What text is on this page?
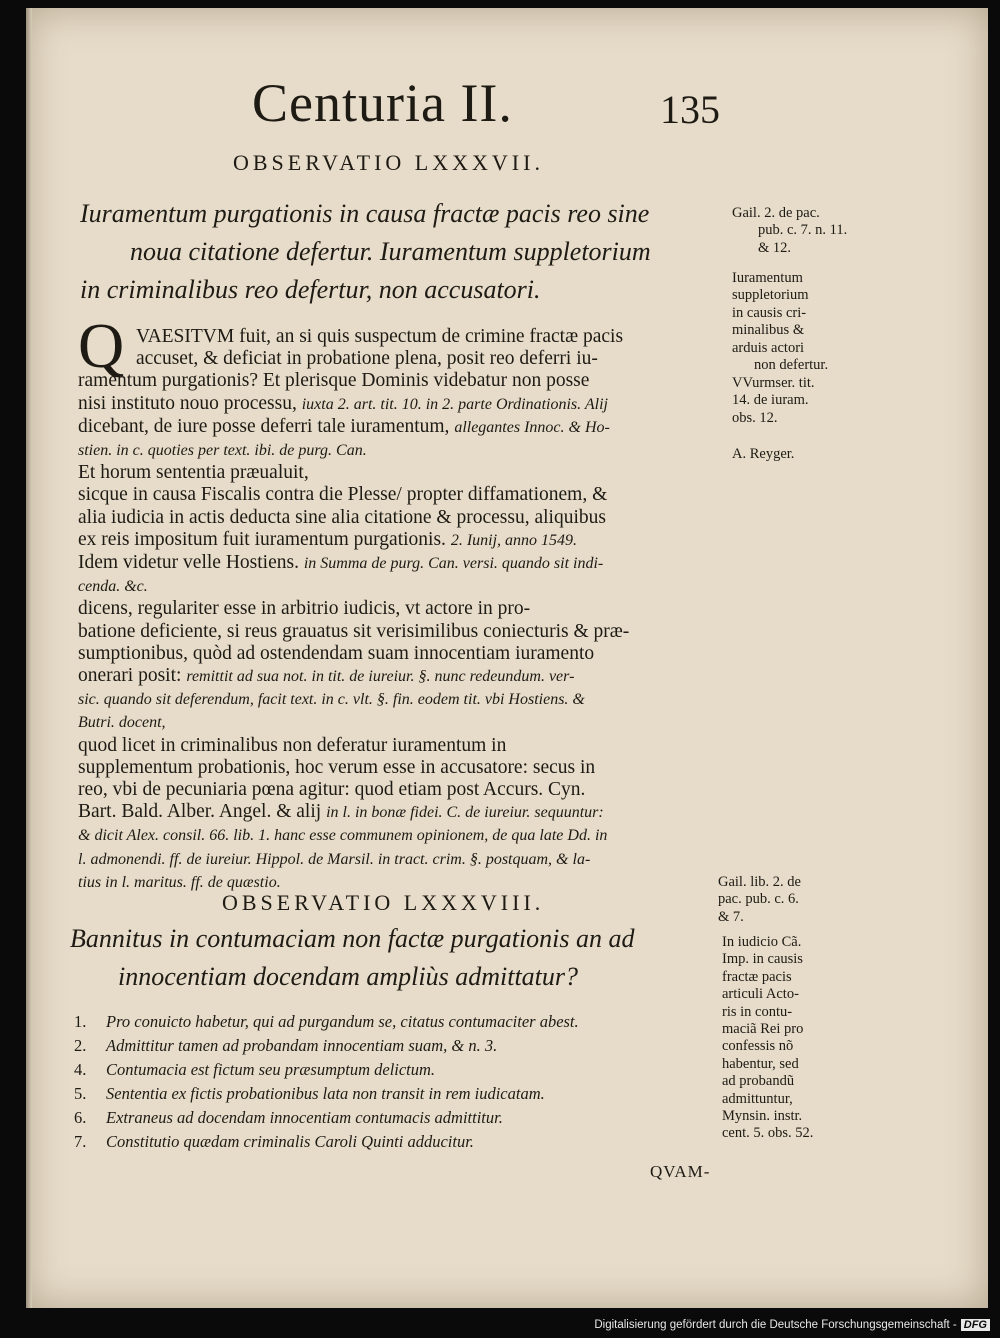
Centuria II.	135
OBSERVATIO LXXXVII.
Iuramentum purgationis in causa fractæ pacis reo sine
noua citatione defertur. Iuramentum suppletorium
in criminalibus reo defertur, non accusatori.
Q VAESITVM fuit, an si quis suspectum de crimine fractæ pacis
accuset, & deficiat in probatione plena, posit reo deferri iu-
ramentum purgationis? Et plerisque Dominis videbatur non posse
nisi instituto nouo processu, iuxta 2. art. tit. 10. in 2. parte Ordinationis. Alij
dicebant, de iure posse deferri tale iuramentum, allegantes Innoc. & Ho-
stien. in c. quoties per text. ibi. de purg. Can.
Et horum sententia præualuit,
sicque in causa Fiscalis contra die Plesse/ propter diffamationem, &
alia iudicia in actis deducta sine alia citatione & processu, aliquibus
ex reis impositum fuit iuramentum purgationis. 2. Iunij, anno 1549.
Idem videtur velle Hostiens. in Summa de purg. Can. versi. quando sit indi-
cenda. &c.
dicens, regulariter esse in arbitrio iudicis, vt actore in pro-
batione deficiente, si reus grauatus sit verisimilibus coniecturis & præ-
sumptionibus, quòd ad ostendendam suam innocentiam iuramento
onerari posit: remittit ad sua not. in tit. de iureiur. §. nunc redeundum. ver-
sic. quando sit deferendum, facit text. in c. vlt. §. fin. eodem tit. vbi Hostiens. &
Butri. docent,
quod licet in criminalibus non deferatur iuramentum in
supplementum probationis, hoc verum esse in accusatore: secus in
reo, vbi de pecuniaria pœna agitur: quod etiam post Accurs. Cyn.
Bart. Bald. Alber. Angel. & alij in l. in bonæ fidei. C. de iureiur. sequuntur:
& dicit Alex. consil. 66. lib. 1. hanc esse communem opinionem, de qua late Dd. in
l. admonendi. ff. de iureiur. Hippol. de Marsil. in tract. crim. §. postquam, & la-
tius in l. maritus. ff. de quæstio.
Gail. 2. de pac.
pub. c. 7. n. 11.
& 12.
Iuramentum
suppletorium
in causis cri-
minalibus &
arduis actori
non defertur.
VVurmser. tit.
14. de iuram.
obs. 12.
A. Reyger.
OBSERVATIO LXXXVIII.
Bannitus in contumaciam non factæ purgationis an ad
innocentiam docendam ampliùs admittatur?
1. Pro conuicto habetur, qui ad purgandum se, citatus contumaciter abest.
2. Admittitur tamen ad probandam innocentiam suam, & n. 3.
4. Contumacia est fictum seu præsumptum delictum.
5. Sententia ex fictis probationibus lata non transit in rem iudicatam.
6. Extraneus ad docendam innocentiam contumacis admittitur.
7. Constitutio quædam criminalis Caroli Quinti adducitur.
Gail. lib. 2. de
pac. pub. c. 6.
& 7.
In iudicio Cã.
Imp. in causis
fractæ pacis
articuli Acto-
ris in contu-
maciã Rei pro
confessis nõ
habentur, sed
ad probandũ
admittuntur,
Mynsin. instr.
cent. 5. obs. 52.
QVAM-
Digitalisierung gefördert durch die Deutsche Forschungsgemeinschaft - DFG
